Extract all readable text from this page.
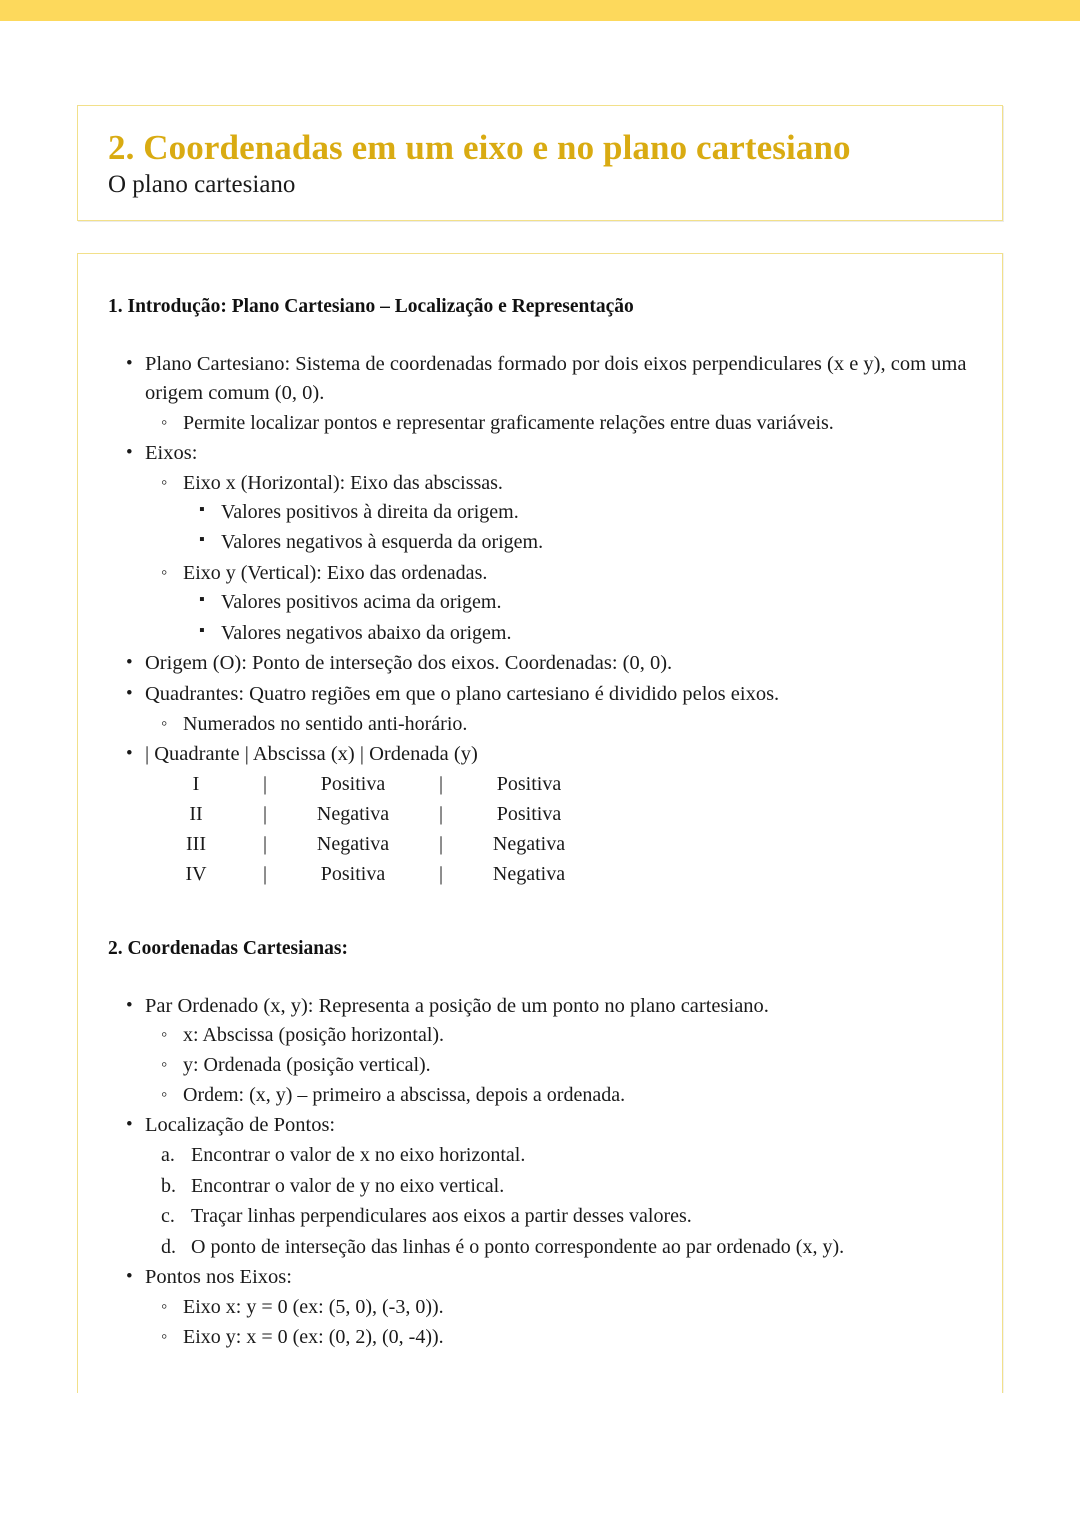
2. Coordenadas em um eixo e no plano cartesiano
O plano cartesiano
1. Introdução: Plano Cartesiano – Localização e Representação
• Plano Cartesiano: Sistema de coordenadas formado por dois eixos perpendiculares (x e y), com uma origem comum (0, 0).
◦ Permite localizar pontos e representar graficamente relações entre duas variáveis.
• Eixos:
◦ Eixo x (Horizontal): Eixo das abscissas.
▪ Valores positivos à direita da origem.
▪ Valores negativos à esquerda da origem.
◦ Eixo y (Vertical): Eixo das ordenadas.
▪ Valores positivos acima da origem.
▪ Valores negativos abaixo da origem.
• Origem (O): Ponto de interseção dos eixos. Coordenadas: (0, 0).
• Quadrantes: Quatro regiões em que o plano cartesiano é dividido pelos eixos.
◦ Numerados no sentido anti-horário.
• | Quadrante | Abscissa (x) | Ordenada (y)
I	|	Positiva	|	Positiva
II	|	Negativa	|	Positiva
III	|	Negativa	|	Negativa
IV	|	Positiva	|	Negativa
2. Coordenadas Cartesianas:
• Par Ordenado (x, y): Representa a posição de um ponto no plano cartesiano.
◦ x: Abscissa (posição horizontal).
◦ y: Ordenada (posição vertical).
◦ Ordem: (x, y) – primeiro a abscissa, depois a ordenada.
• Localização de Pontos:
a. Encontrar o valor de x no eixo horizontal.
b. Encontrar o valor de y no eixo vertical.
c. Traçar linhas perpendiculares aos eixos a partir desses valores.
d. O ponto de interseção das linhas é o ponto correspondente ao par ordenado (x, y).
• Pontos nos Eixos:
◦ Eixo x: y = 0 (ex: (5, 0), (-3, 0)).
◦ Eixo y: x = 0 (ex: (0, 2), (0, -4)).
